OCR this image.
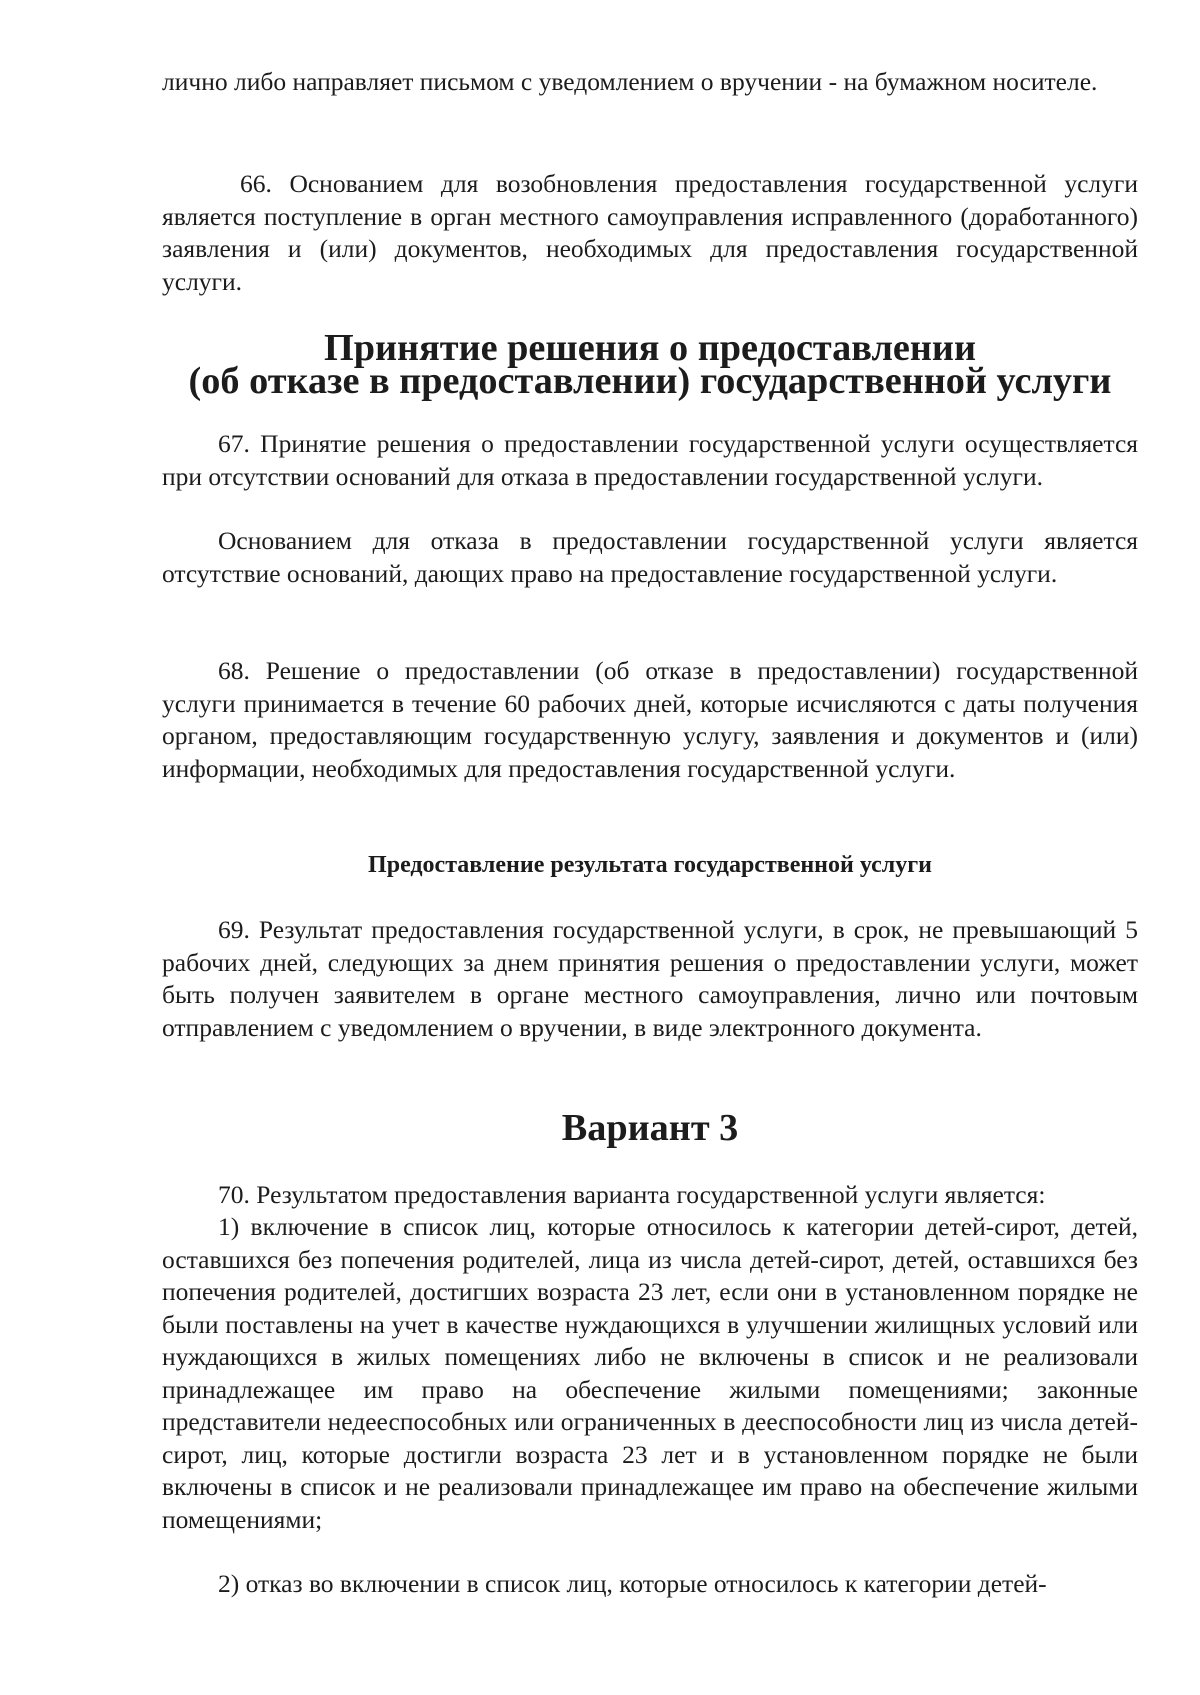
лично либо направляет письмом с уведомлением о вручении - на бумажном носителе.

66. Основанием для возобновления предоставления государственной услуги является поступление в орган местного самоуправления исправленного (доработанного) заявления и (или) документов, необходимых для предоставления государственной услуги.

Принятие решения о предоставлении
(об отказе в предоставлении) государственной услуги

67. Принятие решения о предоставлении государственной услуги осуществляется при отсутствии оснований для отказа в предоставлении государственной услуги.

Основанием для отказа в предоставлении государственной услуги является отсутствие оснований, дающих право на предоставление государственной услуги.

68. Решение о предоставлении (об отказе в предоставлении) государственной услуги принимается в течение 60 рабочих дней, которые исчисляются с даты получения органом, предоставляющим государственную услугу, заявления и документов и (или) информации, необходимых для предоставления государственной услуги.

Предоставление результата государственной услуги

69. Результат предоставления государственной услуги, в срок, не превышающий 5 рабочих дней, следующих за днем принятия решения о предоставлении услуги, может быть получен заявителем в органе местного самоуправления, лично или почтовым отправлением с уведомлением о вручении, в виде электронного документа.

Вариант 3

70. Результатом предоставления варианта государственной услуги является:

1) включение в список лиц, которые относилось к категории детей-сирот, детей, оставшихся без попечения родителей, лица из числа детей-сирот, детей, оставшихся без попечения родителей, достигших возраста 23 лет, если они в установленном порядке не были поставлены на учет в качестве нуждающихся в улучшении жилищных условий или нуждающихся в жилых помещениях либо не включены в список и не реализовали принадлежащее им право на обеспечение жилыми помещениями; законные представители недееспособных или ограниченных в дееспособности лиц из числа детей-сирот, лиц, которые достигли возраста 23 лет и в установленном порядке не были включены в список и не реализовали принадлежащее им право на обеспечение жилыми помещениями;

2) отказ во включении в список лиц, которые относилось к категории детей-
